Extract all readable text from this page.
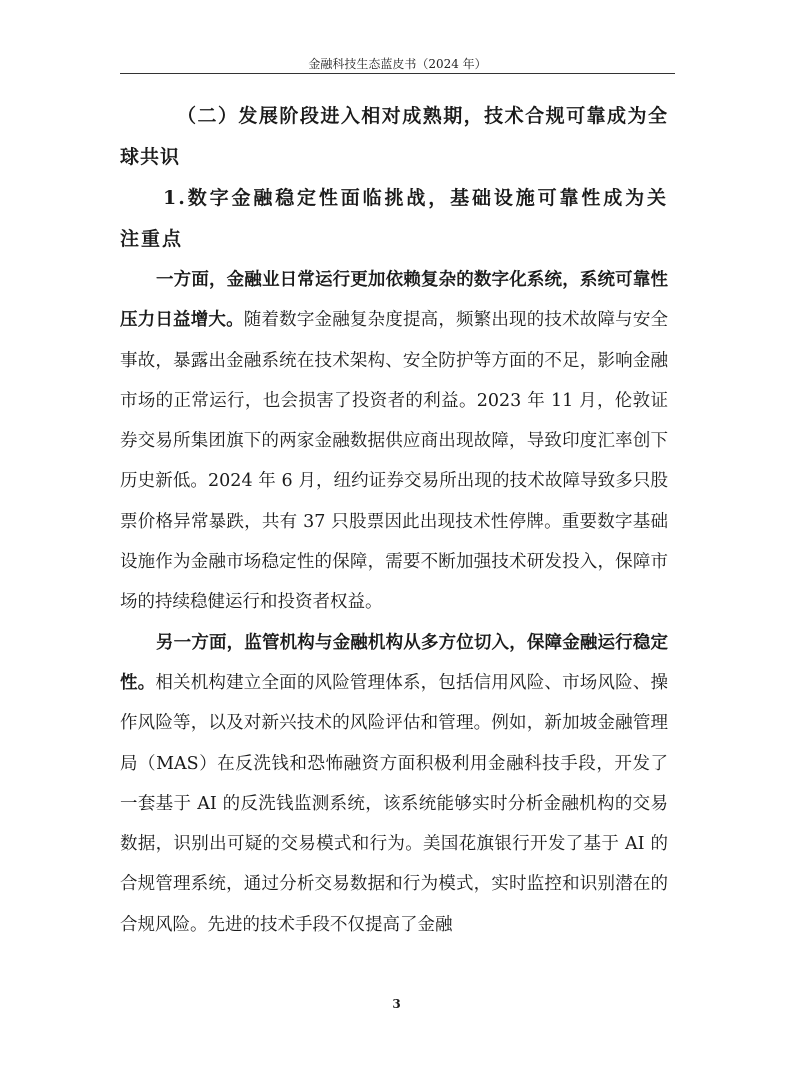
金融科技生态蓝皮书（2024 年）
（二）发展阶段进入相对成熟期，技术合规可靠成为全球共识
1.数字金融稳定性面临挑战，基础设施可靠性成为关注重点

一方面，金融业日常运行更加依赖复杂的数字化系统，系统可靠性压力日益增大。随着数字金融复杂度提高，频繁出现的技术故障与安全事故，暴露出金融系统在技术架构、安全防护等方面的不足，影响金融市场的正常运行，也会损害了投资者的利益。2023 年 11 月，伦敦证券交易所集团旗下的两家金融数据供应商出现故障，导致印度汇率创下历史新低。2024 年 6 月，纽约证券交易所出现的技术故障导致多只股票价格异常暴跌，共有 37 只股票因此出现技术性停牌。重要数字基础设施作为金融市场稳定性的保障，需要不断加强技术研发投入，保障市场的持续稳健运行和投资者权益。

另一方面，监管机构与金融机构从多方位切入，保障金融运行稳定性。相关机构建立全面的风险管理体系，包括信用风险、市场风险、操作风险等，以及对新兴技术的风险评估和管理。例如，新加坡金融管理局（MAS）在反洗钱和恐怖融资方面积极利用金融科技手段，开发了一套基于 AI 的反洗钱监测系统，该系统能够实时分析金融机构的交易数据，识别出可疑的交易模式和行为。美国花旗银行开发了基于 AI 的合规管理系统，通过分析交易数据和行为模式，实时监控和识别潜在的合规风险。先进的技术手段不仅提高了金融

3
